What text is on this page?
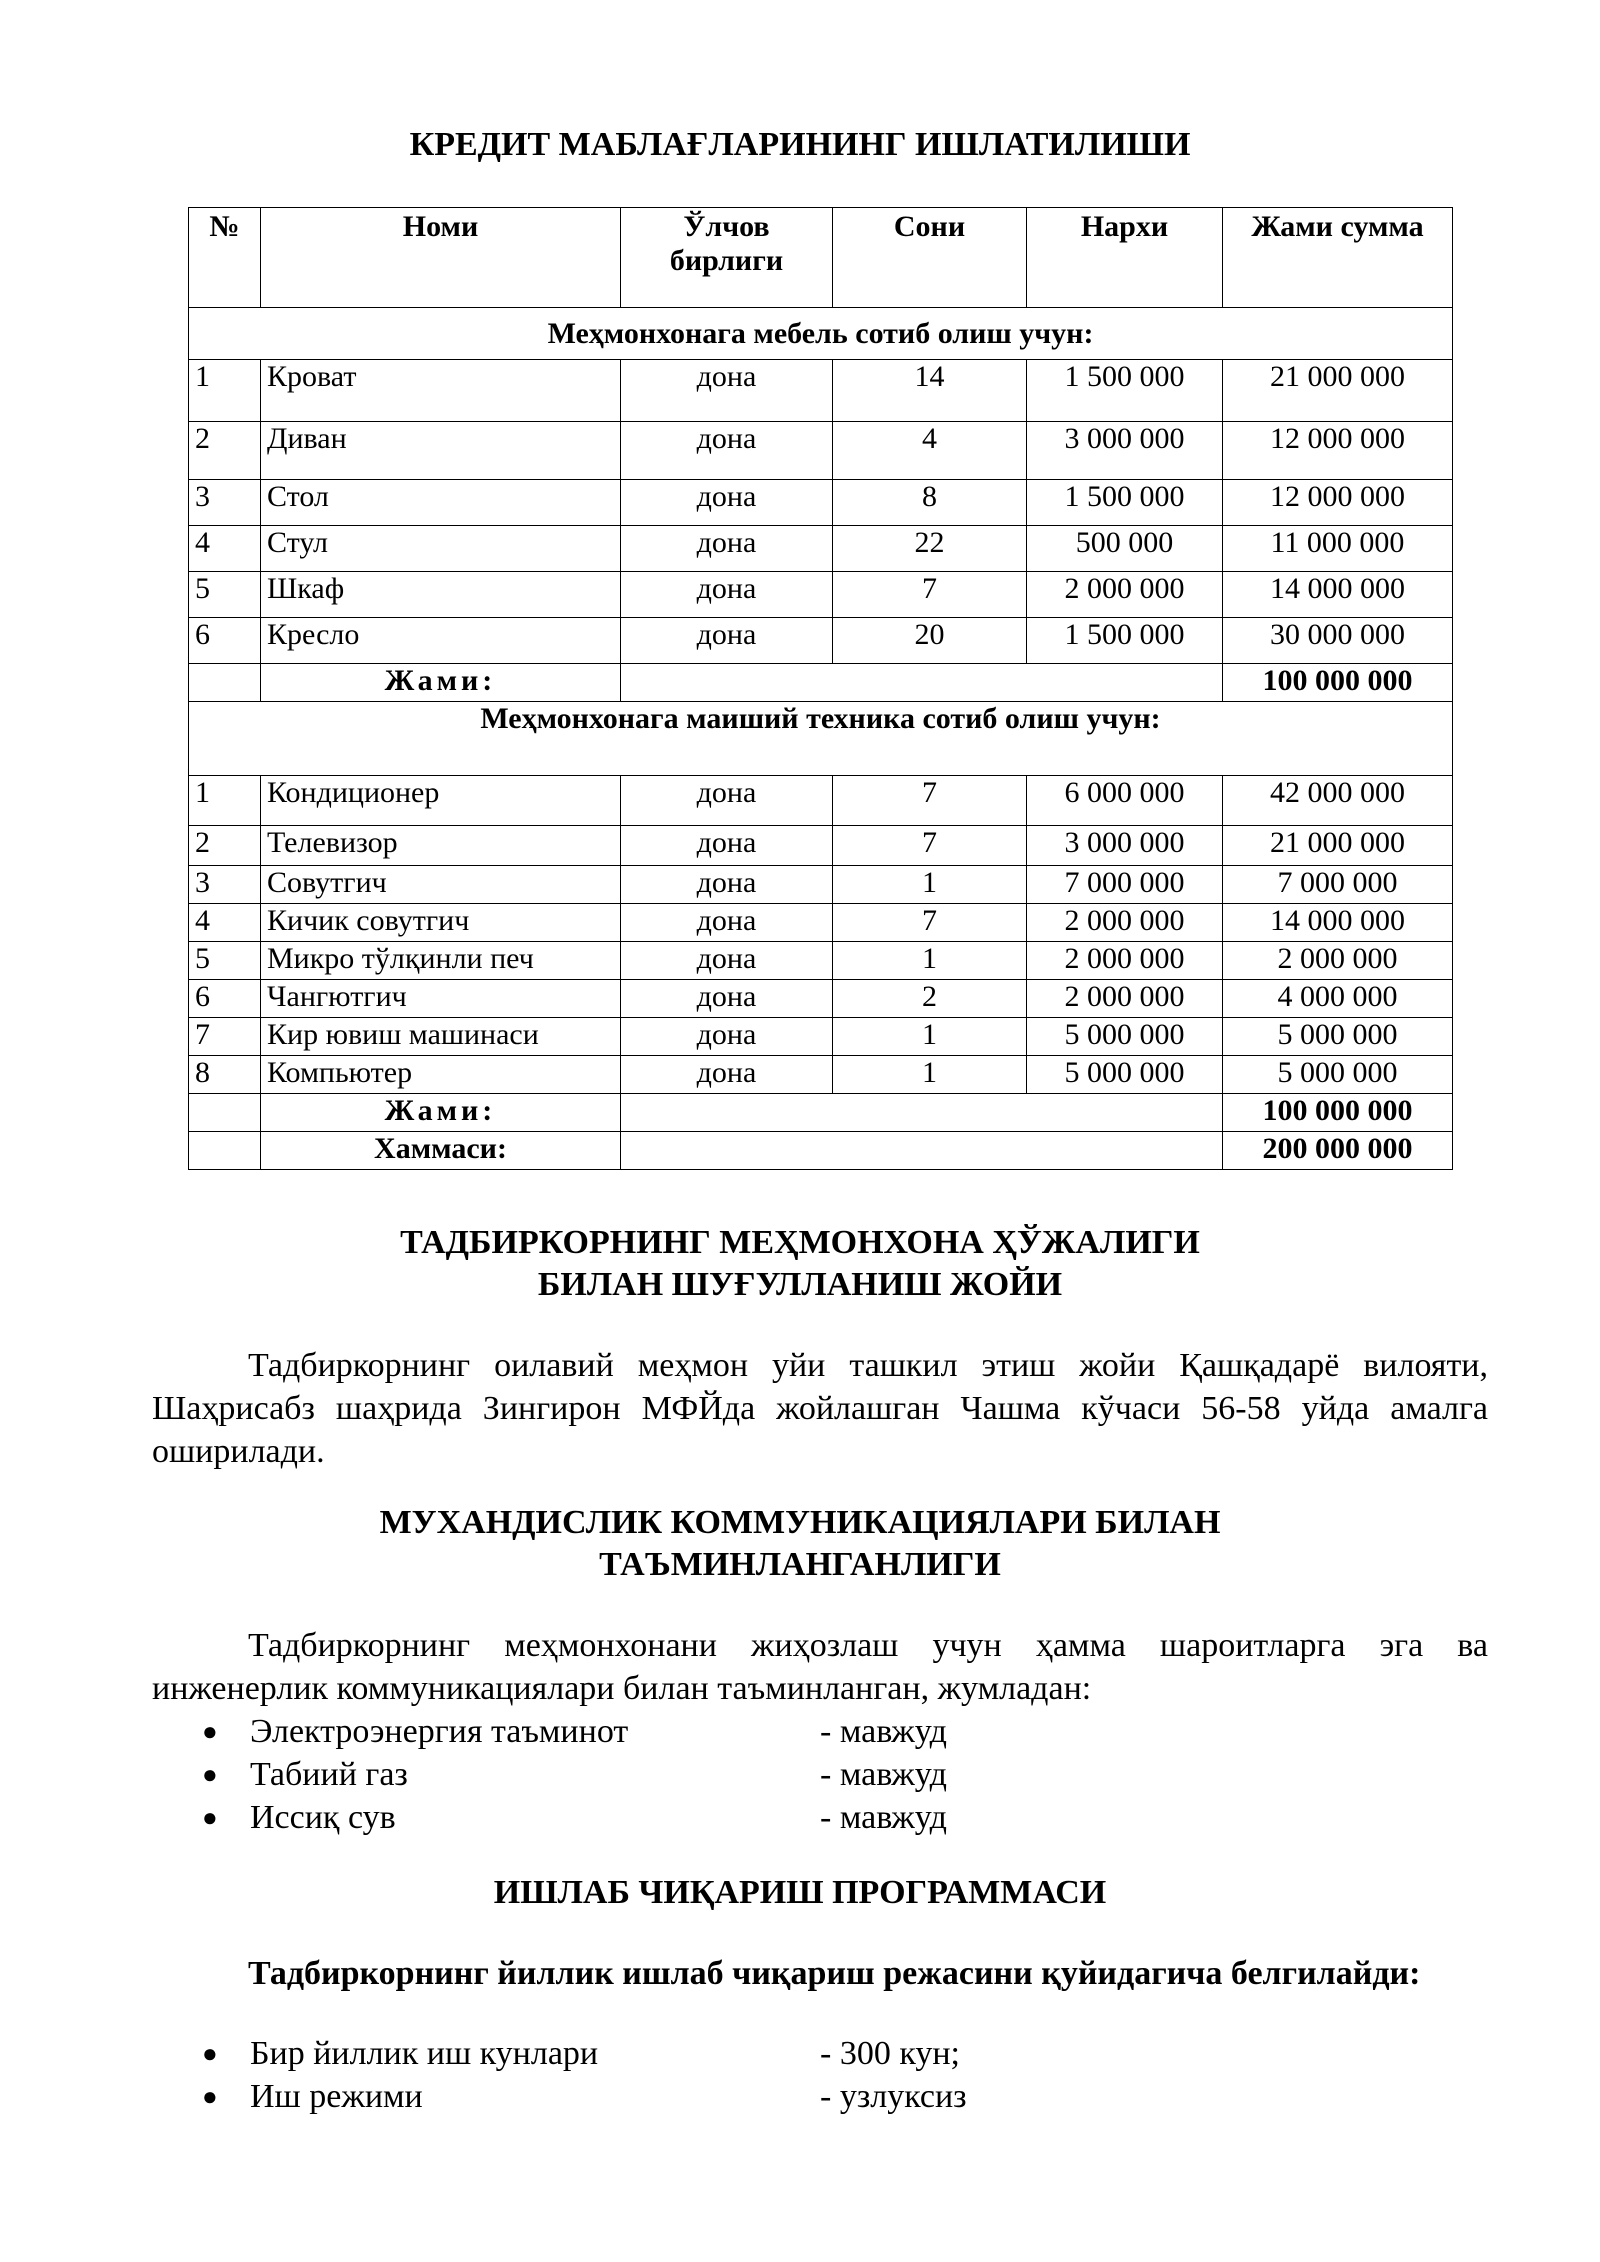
КРЕДИТ МАБЛАҒЛАРИНИНГ ИШЛАТИЛИШИ
№	Номи	Ўлчов бирлиги	Сони	Нархи	Жами сумма
Меҳмонхонага мебель сотиб олиш учун:					
1	Кроват	дона	14	1 500 000	21 000 000
2	Диван	дона	4	3 000 000	12 000 000
3	Стол	дона	8	1 500 000	12 000 000
4	Стул	дона	22	500 000	11 000 000
5	Шкаф	дона	7	2 000 000	14 000 000
6	Кресло	дона	20	1 500 000	30 000 000
	Жами:				100 000 000
Меҳмонхонага маиший техника сотиб олиш учун:					
1	Кондиционер	дона	7	6 000 000	42 000 000
2	Телевизор	дона	7	3 000 000	21 000 000
3	Совутгич	дона	1	7 000 000	7 000 000
4	Кичик совутгич	дона	7	2 000 000	14 000 000
5	Микро тўлқинли печ	дона	1	2 000 000	2 000 000
6	Чангютгич	дона	2	2 000 000	4 000 000
7	Кир ювиш машинаси	дона	1	5 000 000	5 000 000
8	Компьютер	дона	1	5 000 000	5 000 000
	Жами:				100 000 000
	Хаммаси:				200 000 000
ТАДБИРКОРНИНГ МЕҲМОНХОНА ҲЎЖАЛИГИ
БИЛАН ШУҒУЛЛАНИШ ЖОЙИ
Тадбиркорнинг оилавий меҳмон уйи ташкил этиш жойи Қашқадарё вилояти, Шаҳрисабз шаҳрида Зингирон МФЙда жойлашган Чашма кўчаси 56-58 уйда амалга оширилади.
МУХАНДИСЛИК КОММУНИКАЦИЯЛАРИ БИЛАН
ТАЪМИНЛАНГАНЛИГИ
Тадбиркорнинг меҳмонхонани жиҳозлаш учун ҳамма шароитларга эга ва инженерлик коммуникациялари билан таъминланган, жумладан:
● Электроэнергия таъминот	- мавжуд
● Табиий газ	- мавжуд
● Иссиқ сув	- мавжуд
ИШЛАБ ЧИҚАРИШ ПРОГРАММАСИ
Тадбиркорнинг йиллик ишлаб чиқариш режасини қуйидагича белгилайди:
● Бир йиллик иш кунлари	- 300 кун;
● Иш режими	- узлуксиз
